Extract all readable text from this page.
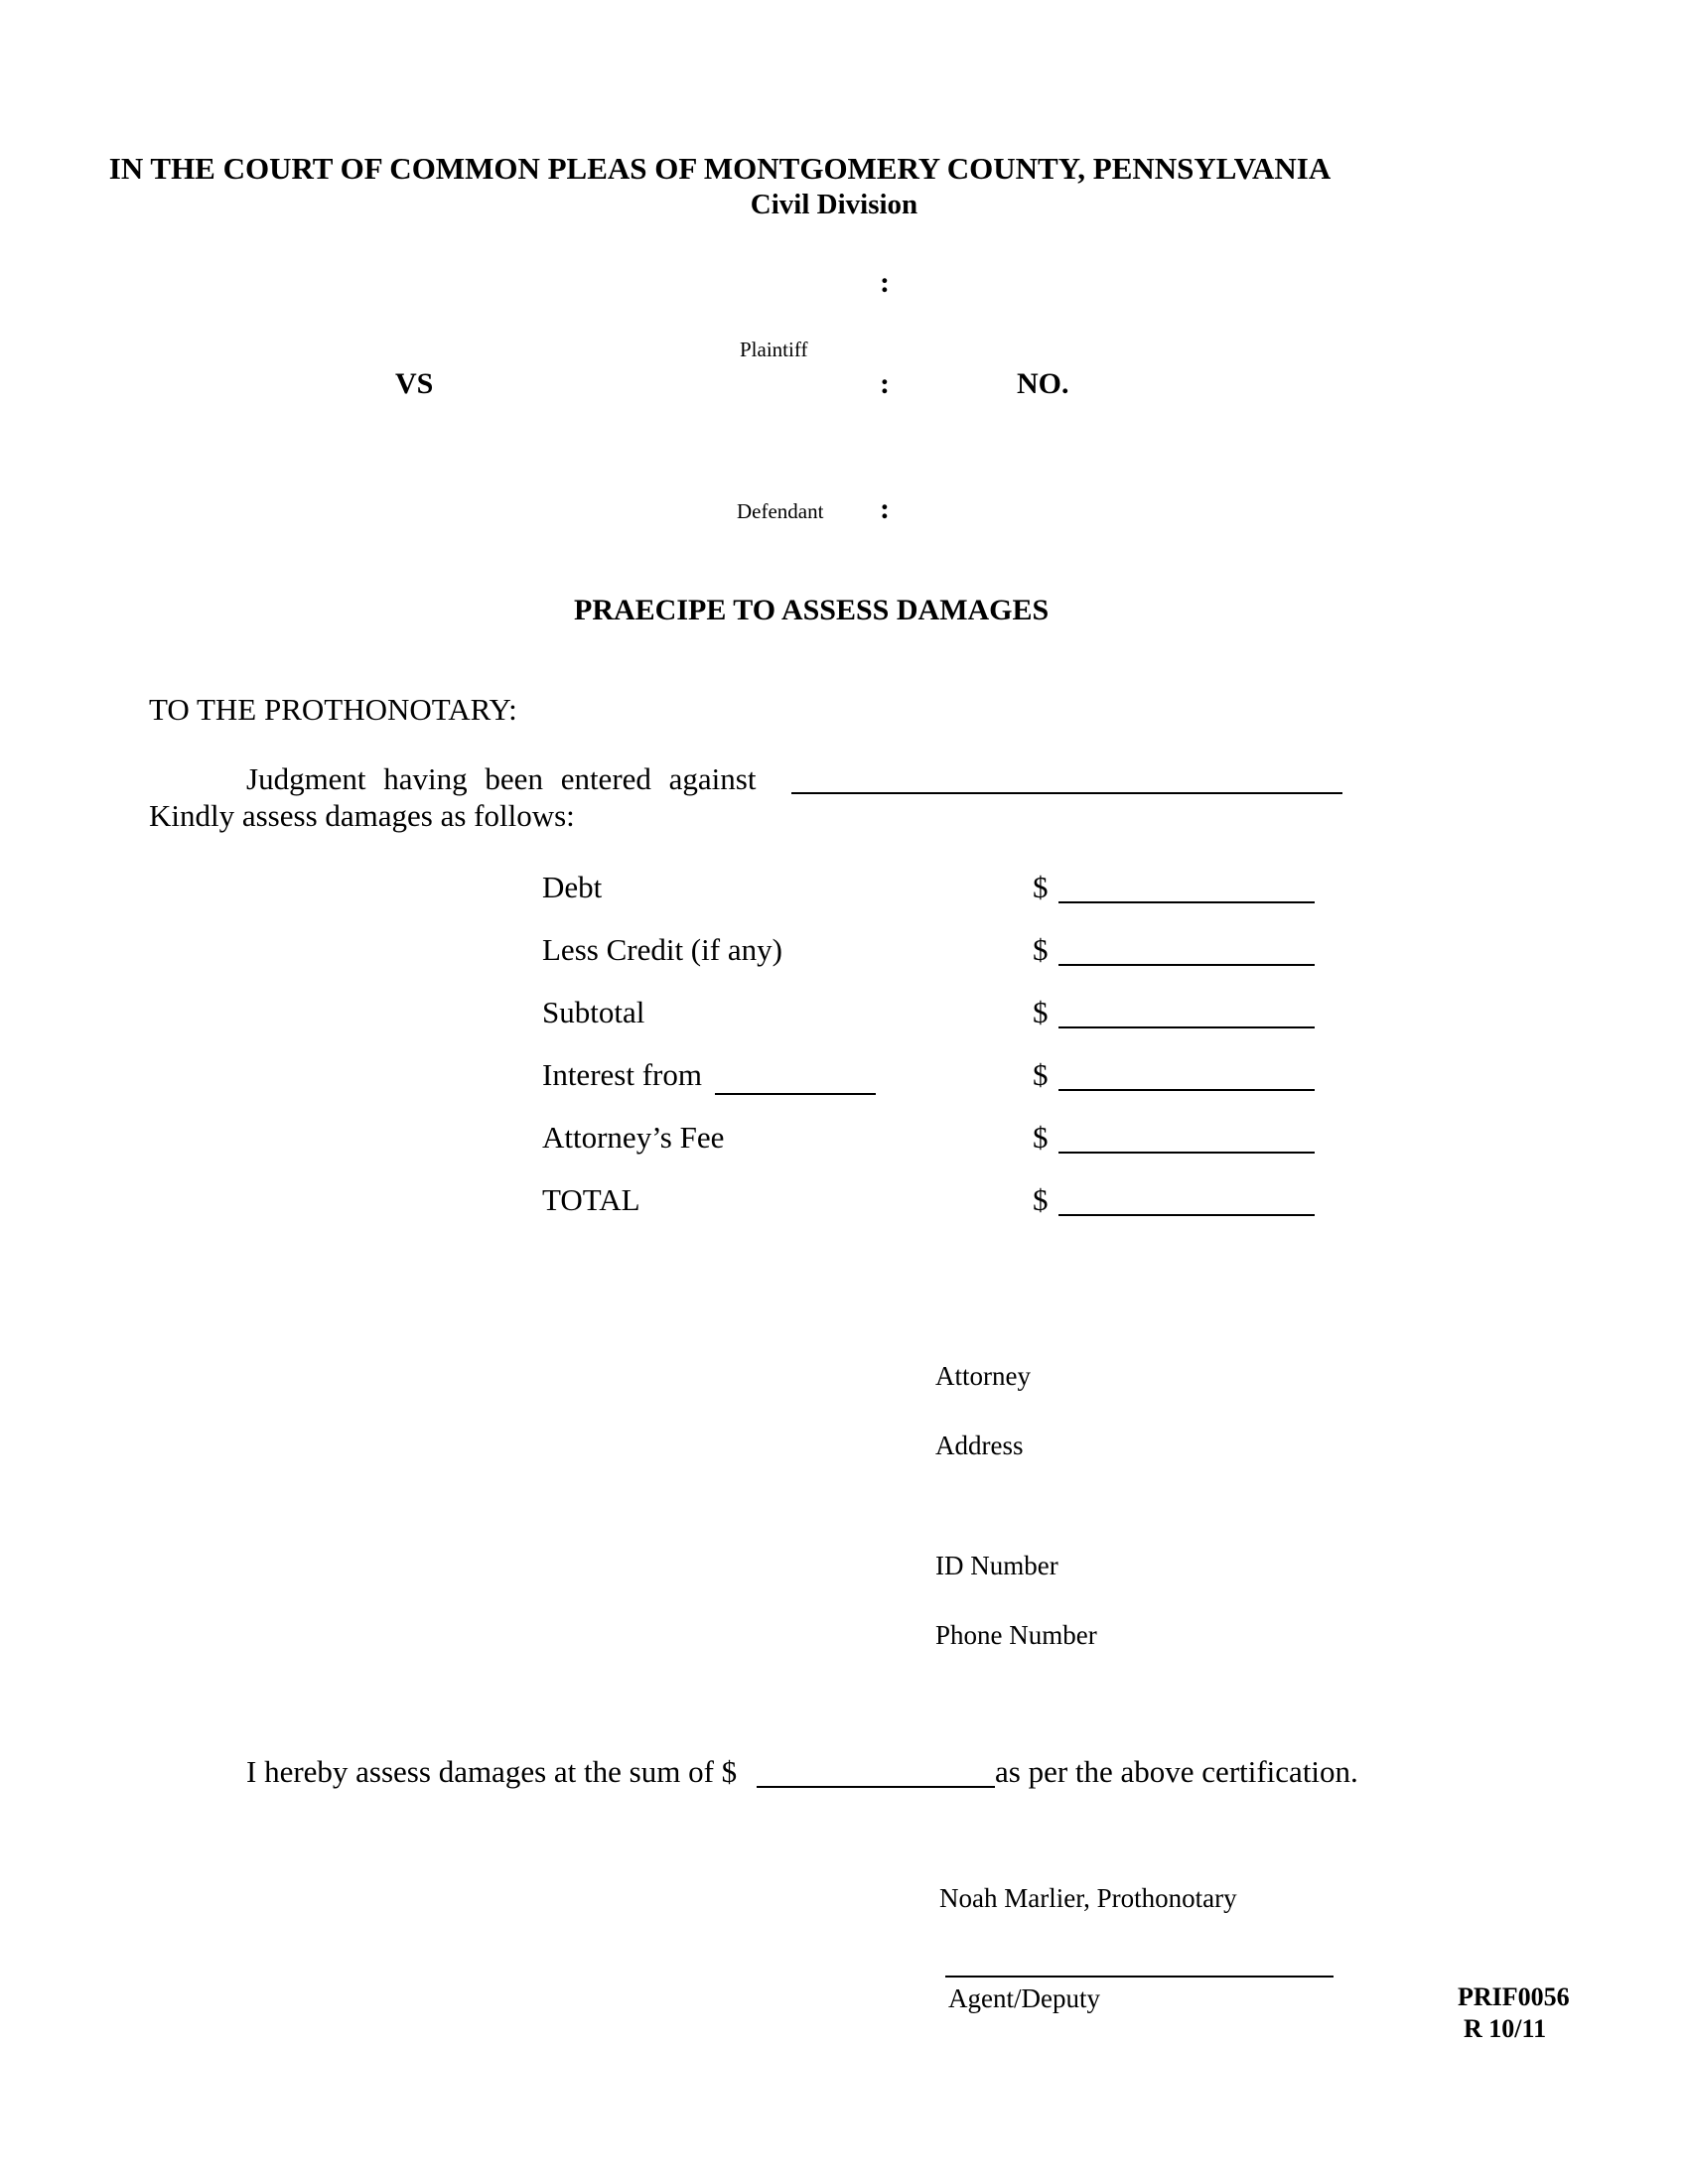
IN THE COURT OF COMMON PLEAS OF MONTGOMERY COUNTY, PENNSYLVANIA
Civil Division
:
Plaintiff
VS	:	NO.
Defendant :
PRAECIPE TO ASSESS DAMAGES
TO THE PROTHONOTARY:
Judgment having been entered against
Kindly assess damages as follows:
Debt	$
Less Credit (if any)	$
Subtotal	$
Interest from	$
Attorney’s Fee	$
TOTAL	$
Attorney
Address
ID Number
Phone Number
I hereby assess damages at the sum of $	as per the above certification.
Noah Marlier, Prothonotary
Agent/Deputy	PRIF0056
R 10/11
